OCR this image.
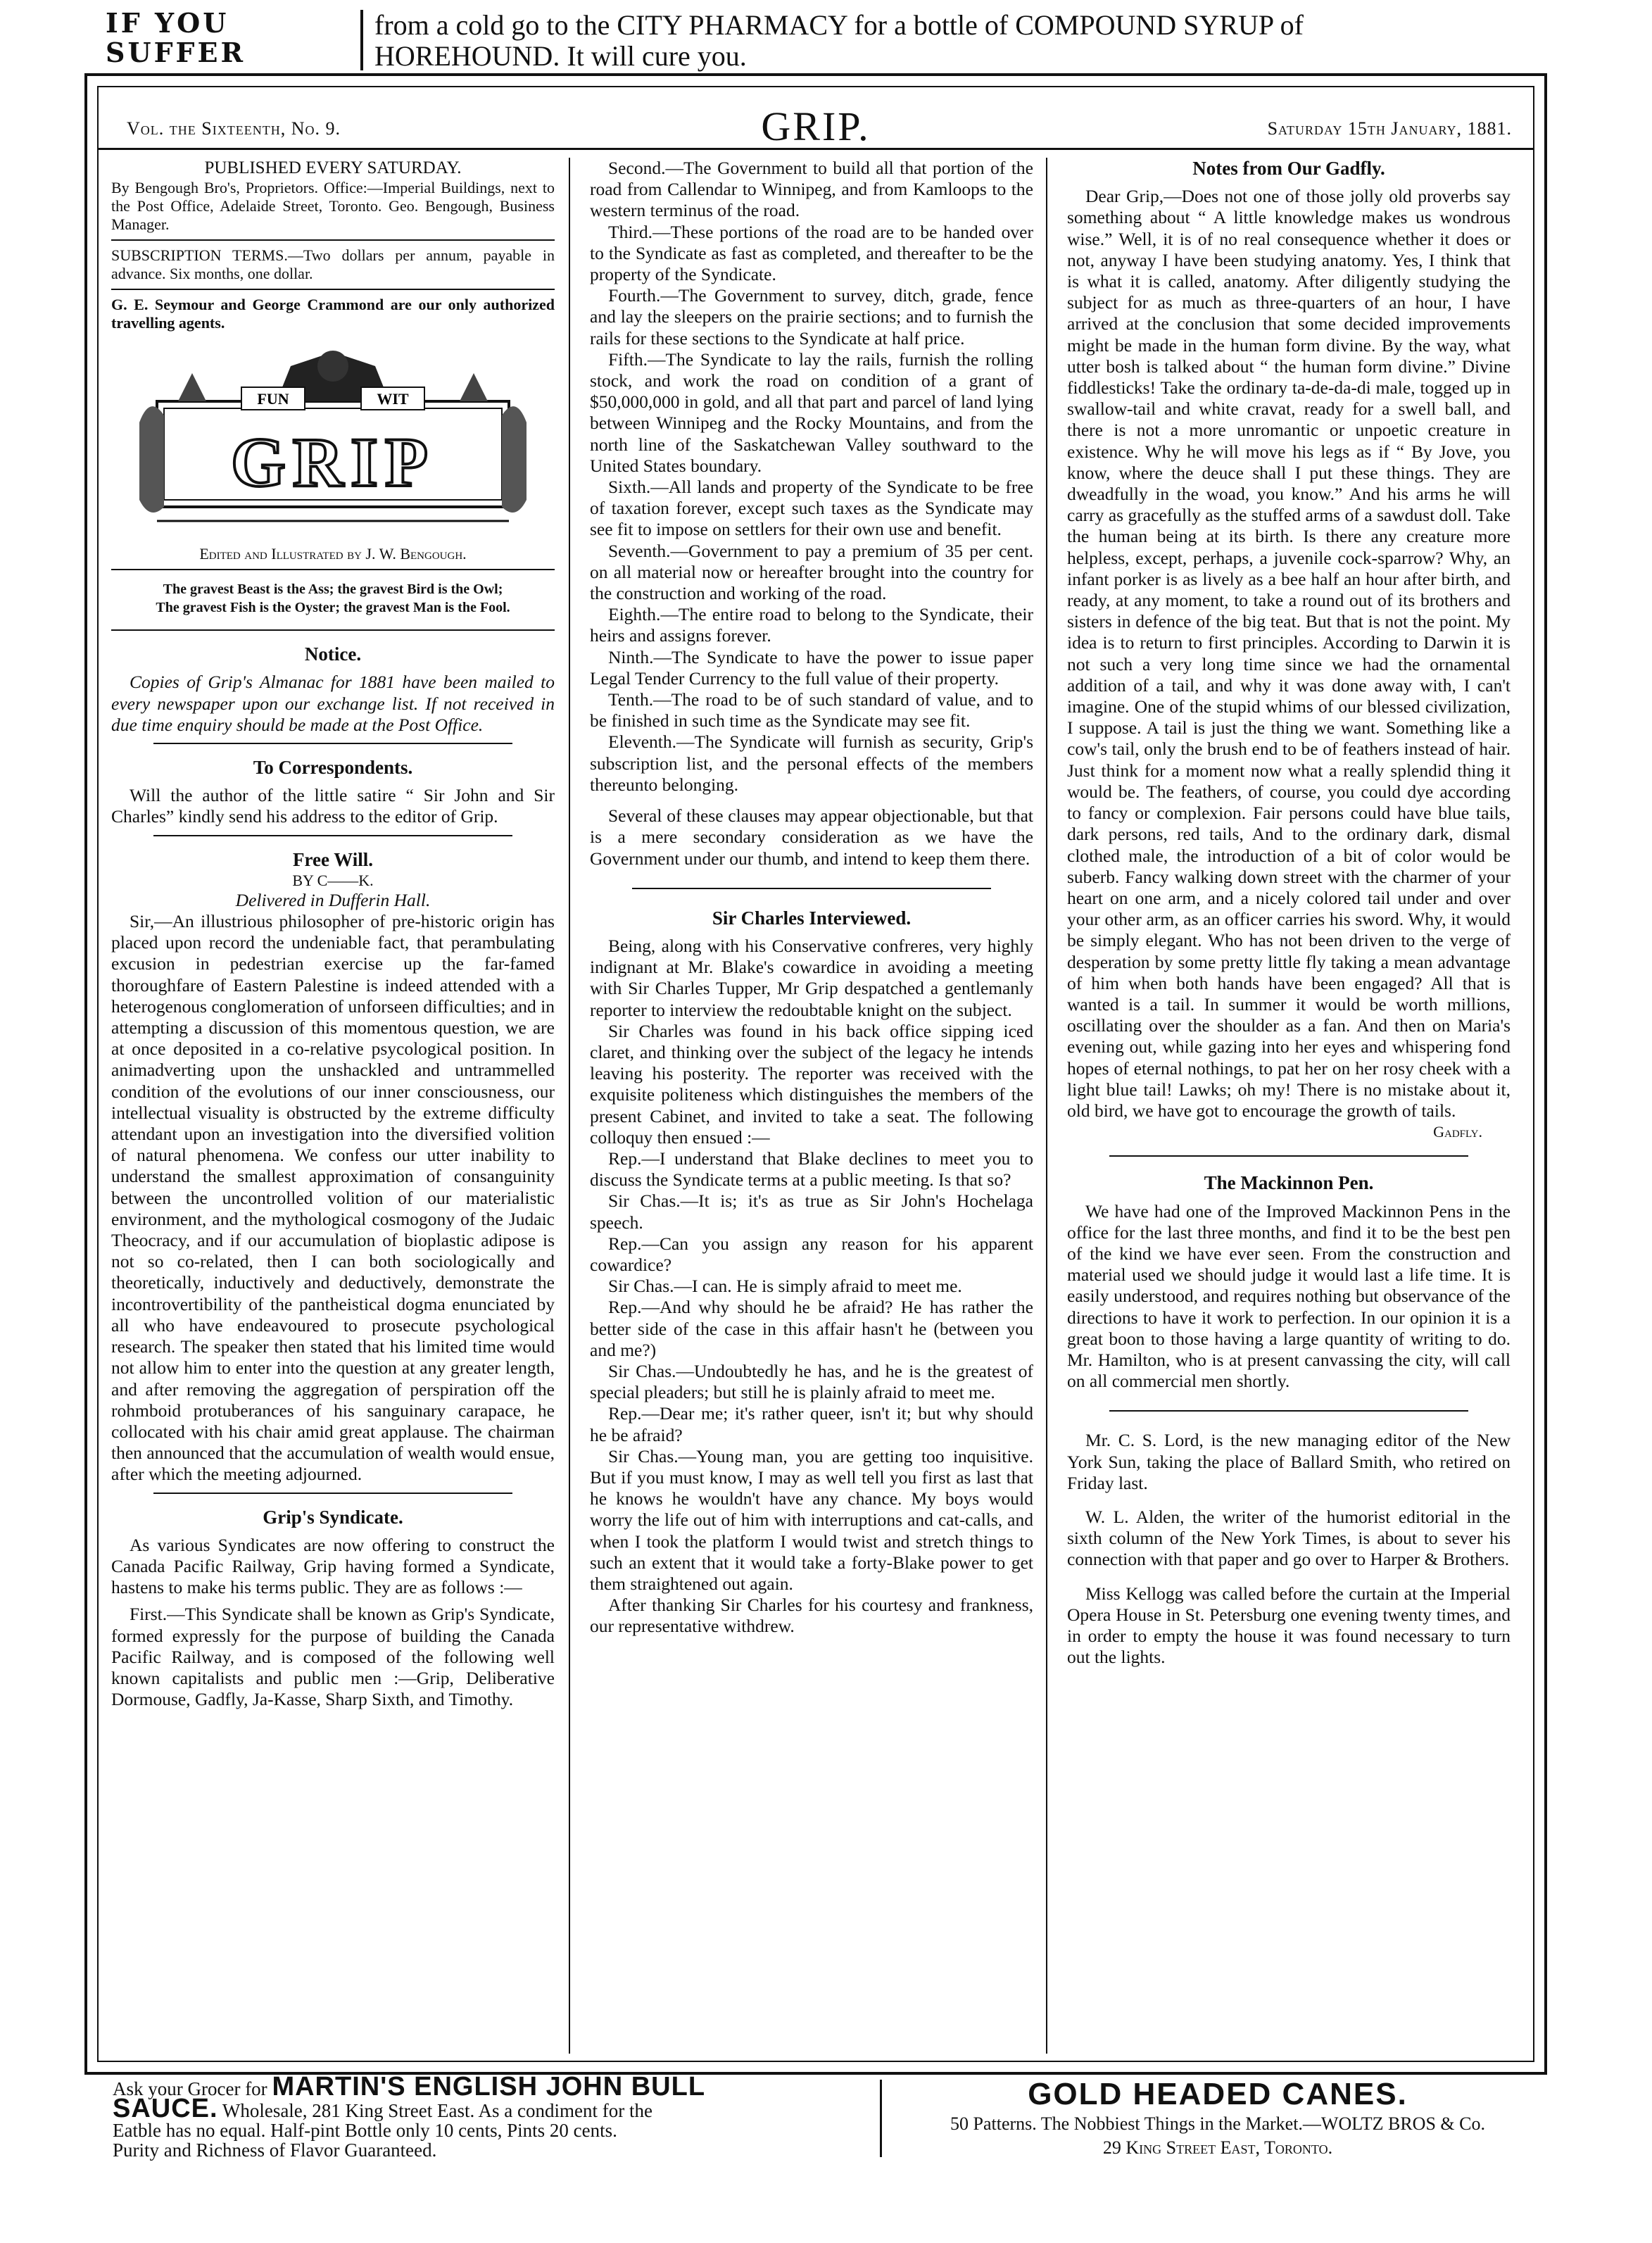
IF YOU
SUFFER
from a cold go to the CITY PHARMACY for a bottle of COMPOUND SYRUP of
HOREHOUND. It will cure you.
Vol. the Sixteenth, No. 9.	GRIP.	Saturday 15th January, 1881.
PUBLISHED EVERY SATURDAY.

By Bengough Bro's, Proprietors. Office:—Imperial Buildings, next to the Post Office, Adelaide Street, Toronto. Geo. Bengough, Business Manager.

SUBSCRIPTION TERMS.—Two dollars per annum, payable in advance. Six months, one dollar.

G. E. Seymour and George Crammond are our only authorized travelling agents.

FUN	WIT
GRIP
Edited and Illustrated by J. W. Bengough.
The gravest Beast is the Ass; the gravest Bird is the Owl;
The gravest Fish is the Oyster; the gravest Man is the Fool.
Notice.

Copies of Grip's Almanac for 1881 have been mailed to every newspaper upon our exchange list. If not received in due time enquiry should be made at the Post Office.

To Correspondents.

Will the author of the little satire “ Sir John and Sir Charles” kindly send his address to the editor of Grip.

Free Will.
BY C——K.
Delivered in Dufferin Hall.

Sir,—An illustrious philosopher of pre-historic origin has placed upon record the undeniable fact, that perambulating excusion in pedestrian exercise up the far-famed thoroughfare of Eastern Palestine is indeed attended with a heterogenous conglomeration of unforseen difficulties; and in attempting a discussion of this momentous question, we are at once deposited in a co-relative psycological position. In animadverting upon the unshackled and untrammelled condition of the evolutions of our inner consciousness, our intellectual visuality is obstructed by the extreme difficulty attendant upon an investigation into the diversified volition of natural phenomena. We confess our utter inability to understand the smallest approximation of consanguinity between the uncontrolled volition of our materialistic environment, and the mythological cosmogony of the Judaic Theocracy, and if our accumulation of bioplastic adipose is not so co-related, then I can both sociologically and theoretically, inductively and deductively, demonstrate the incontrovertibility of the pantheistical dogma enunciated by all who have endeavoured to prosecute psychological research. The speaker then stated that his limited time would not allow him to enter into the question at any greater length, and after removing the aggregation of perspiration off the rohmboid protuberances of his sanguinary carapace, he collocated with his chair amid great applause. The chairman then announced that the accumulation of wealth would ensue, after which the meeting adjourned.

Grip's Syndicate.

As various Syndicates are now offering to construct the Canada Pacific Railway, Grip having formed a Syndicate, hastens to make his terms public. They are as follows :—

First.—This Syndicate shall be known as Grip's Syndicate, formed expressly for the purpose of building the Canada Pacific Railway, and is composed of the following well known capitalists and public men :—Grip, Deliberative Dormouse, Gadfly, Ja-Kasse, Sharp Sixth, and Timothy.

Second.—The Government to build all that portion of the road from Callendar to Winnipeg, and from Kamloops to the western terminus of the road.

Third.—These portions of the road are to be handed over to the Syndicate as fast as completed, and thereafter to be the property of the Syndicate.

Fourth.—The Government to survey, ditch, grade, fence and lay the sleepers on the prairie sections; and to furnish the rails for these sections to the Syndicate at half price.

Fifth.—The Syndicate to lay the rails, furnish the rolling stock, and work the road on condition of a grant of $50,000,000 in gold, and all that part and parcel of land lying between Winnipeg and the Rocky Mountains, and from the north line of the Saskatchewan Valley southward to the United States boundary.

Sixth.—All lands and property of the Syndicate to be free of taxation forever, except such taxes as the Syndicate may see fit to impose on settlers for their own use and benefit.

Seventh.—Government to pay a premium of 35 per cent. on all material now or hereafter brought into the country for the construction and working of the road.

Eighth.—The entire road to belong to the Syndicate, their heirs and assigns forever.

Ninth.—The Syndicate to have the power to issue paper Legal Tender Currency to the full value of their property.

Tenth.—The road to be of such standard of value, and to be finished in such time as the Syndicate may see fit.

Eleventh.—The Syndicate will furnish as security, Grip's subscription list, and the personal effects of the members thereunto belonging.

Several of these clauses may appear objectionable, but that is a mere secondary consideration as we have the Government under our thumb, and intend to keep them there.

Sir Charles Interviewed.

Being, along with his Conservative confreres, very highly indignant at Mr. Blake's cowardice in avoiding a meeting with Sir Charles Tupper, Mr Grip despatched a gentlemanly reporter to interview the redoubtable knight on the subject.

Sir Charles was found in his back office sipping iced claret, and thinking over the subject of the legacy he intends leaving his posterity. The reporter was received with the exquisite politeness which distinguishes the members of the present Cabinet, and invited to take a seat. The following colloquy then ensued :—

Rep.—I understand that Blake declines to meet you to discuss the Syndicate terms at a public meeting. Is that so?

Sir Chas.—It is; it's as true as Sir John's Hochelaga speech.

Rep.—Can you assign any reason for his apparent cowardice?

Sir Chas.—I can. He is simply afraid to meet me.

Rep.—And why should he be afraid? He has rather the better side of the case in this affair hasn't he (between you and me?)

Sir Chas.—Undoubtedly he has, and he is the greatest of special pleaders; but still he is plainly afraid to meet me.

Rep.—Dear me; it's rather queer, isn't it; but why should he be afraid?

Sir Chas.—Young man, you are getting too inquisitive. But if you must know, I may as well tell you first as last that he knows he wouldn't have any chance. My boys would worry the life out of him with interruptions and cat-calls, and when I took the platform I would twist and stretch things to such an extent that it would take a forty-Blake power to get them straightened out again.

After thanking Sir Charles for his courtesy and frankness, our representative withdrew.

Notes from Our Gadfly.

Dear Grip,—Does not one of those jolly old proverbs say something about “ A little knowledge makes us wondrous wise.” Well, it is of no real consequence whether it does or not, anyway I have been studying anatomy. Yes, I think that is what it is called, anatomy. After diligently studying the subject for as much as three-quarters of an hour, I have arrived at the conclusion that some decided improvements might be made in the human form divine. By the way, what utter bosh is talked about “ the human form divine.” Divine fiddlesticks! Take the ordinary ta-de-da-di male, togged up in swallow-tail and white cravat, ready for a swell ball, and there is not a more unromantic or unpoetic creature in existence. Why he will move his legs as if “ By Jove, you know, where the deuce shall I put these things. They are dweadfully in the woad, you know.” And his arms he will carry as gracefully as the stuffed arms of a sawdust doll. Take the human being at its birth. Is there any creature more helpless, except, perhaps, a juvenile cock-sparrow? Why, an infant porker is as lively as a bee half an hour after birth, and ready, at any moment, to take a round out of its brothers and sisters in defence of the big teat. But that is not the point. My idea is to return to first principles. According to Darwin it is not such a very long time since we had the ornamental addition of a tail, and why it was done away with, I can't imagine. One of the stupid whims of our blessed civilization, I suppose. A tail is just the thing we want. Something like a cow's tail, only the brush end to be of feathers instead of hair. Just think for a moment now what a really splendid thing it would be. The feathers, of course, you could dye according to fancy or complexion. Fair persons could have blue tails, dark persons, red tails, And to the ordinary dark, dismal clothed male, the introduction of a bit of color would be suberb. Fancy walking down street with the charmer of your heart on one arm, and a nicely colored tail under and over your other arm, as an officer carries his sword. Why, it would be simply elegant. Who has not been driven to the verge of desperation by some pretty little fly taking a mean advantage of him when both hands have been engaged? All that is wanted is a tail. In summer it would be worth millions, oscillating over the shoulder as a fan. And then on Maria's evening out, while gazing into her eyes and whispering fond hopes of eternal nothings, to pat her on her rosy cheek with a light blue tail! Lawks; oh my! There is no mistake about it, old bird, we have got to encourage the growth of tails.

Gadfly.
The Mackinnon Pen.

We have had one of the Improved Mackinnon Pens in the office for the last three months, and find it to be the best pen of the kind we have ever seen. From the construction and material used we should judge it would last a life time. It is easily understood, and requires nothing but observance of the directions to have it work to perfection. In our opinion it is a great boon to those having a large quantity of writing to do. Mr. Hamilton, who is at present canvassing the city, will call on all commercial men shortly.

Mr. C. S. Lord, is the new managing editor of the New York Sun, taking the place of Ballard Smith, who retired on Friday last.

W. L. Alden, the writer of the humorist editorial in the sixth column of the New York Times, is about to sever his connection with that paper and go over to Harper & Brothers.

Miss Kellogg was called before the curtain at the Imperial Opera House in St. Petersburg one evening twenty times, and in order to empty the house it was found necessary to turn out the lights.

Ask your Grocer for MARTIN'S ENGLISH JOHN BULL
SAUCE. Wholesale, 281 King Street East. As a condiment for the
Eatble has no equal. Half-pint Bottle only 10 cents, Pints 20 cents.
Purity and Richness of Flavor Guaranteed.
GOLD HEADED CANES.
50 Patterns. The Nobbiest Things in the Market.—WOLTZ BROS & Co.
29 King Street East, Toronto.
